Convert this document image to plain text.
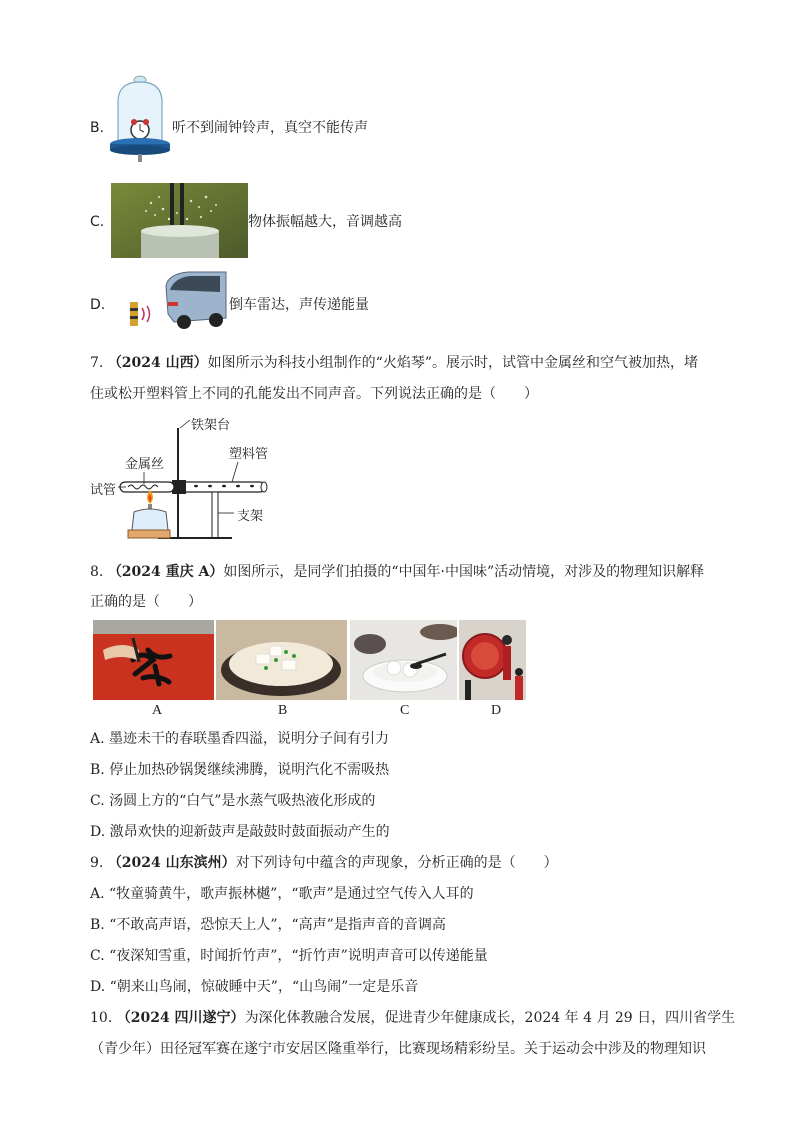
B.	听不到闹钟铃声，真空不能传声
C.	物体振幅越大，音调越高
D.	倒车雷达，声传递能量
7. （2024 山西）如图所示为科技小组制作的“火焰琴”。展示时，试管中金属丝和空气被加热，堵
住或松开塑料管上不同的孔能发出不同声音。下列说法正确的是（　　）
铁架台
塑料管
金属丝
试管
支架
8. （2024 重庆 A）如图所示，是同学们拍摄的“中国年·中国味”活动情境，对涉及的物理知识解释
正确的是（　　）
A	B	C	D
A. 墨迹未干的春联墨香四溢，说明分子间有引力
B. 停止加热砂锅煲继续沸腾，说明汽化不需吸热
C. 汤圆上方的“白气”是水蒸气吸热液化形成的
D. 激昂欢快的迎新鼓声是敲鼓时鼓面振动产生的
9. （2024 山东滨州）对下列诗句中蕴含的声现象，分析正确的是（　　）
A. “牧童骑黄牛，歌声振林樾”，“歌声”是通过空气传入人耳的
B. “不敢高声语，恐惊天上人”，“高声”是指声音的音调高
C. “夜深知雪重，时闻折竹声”，“折竹声”说明声音可以传递能量
D. “朝来山鸟闹，惊破睡中天”，“山鸟闹”一定是乐音
10. （2024 四川遂宁）为深化体教融合发展，促进青少年健康成长，2024 年 4 月 29 日，四川省学生
（青少年）田径冠军赛在遂宁市安居区隆重举行，比赛现场精彩纷呈。关于运动会中涉及的物理知识
